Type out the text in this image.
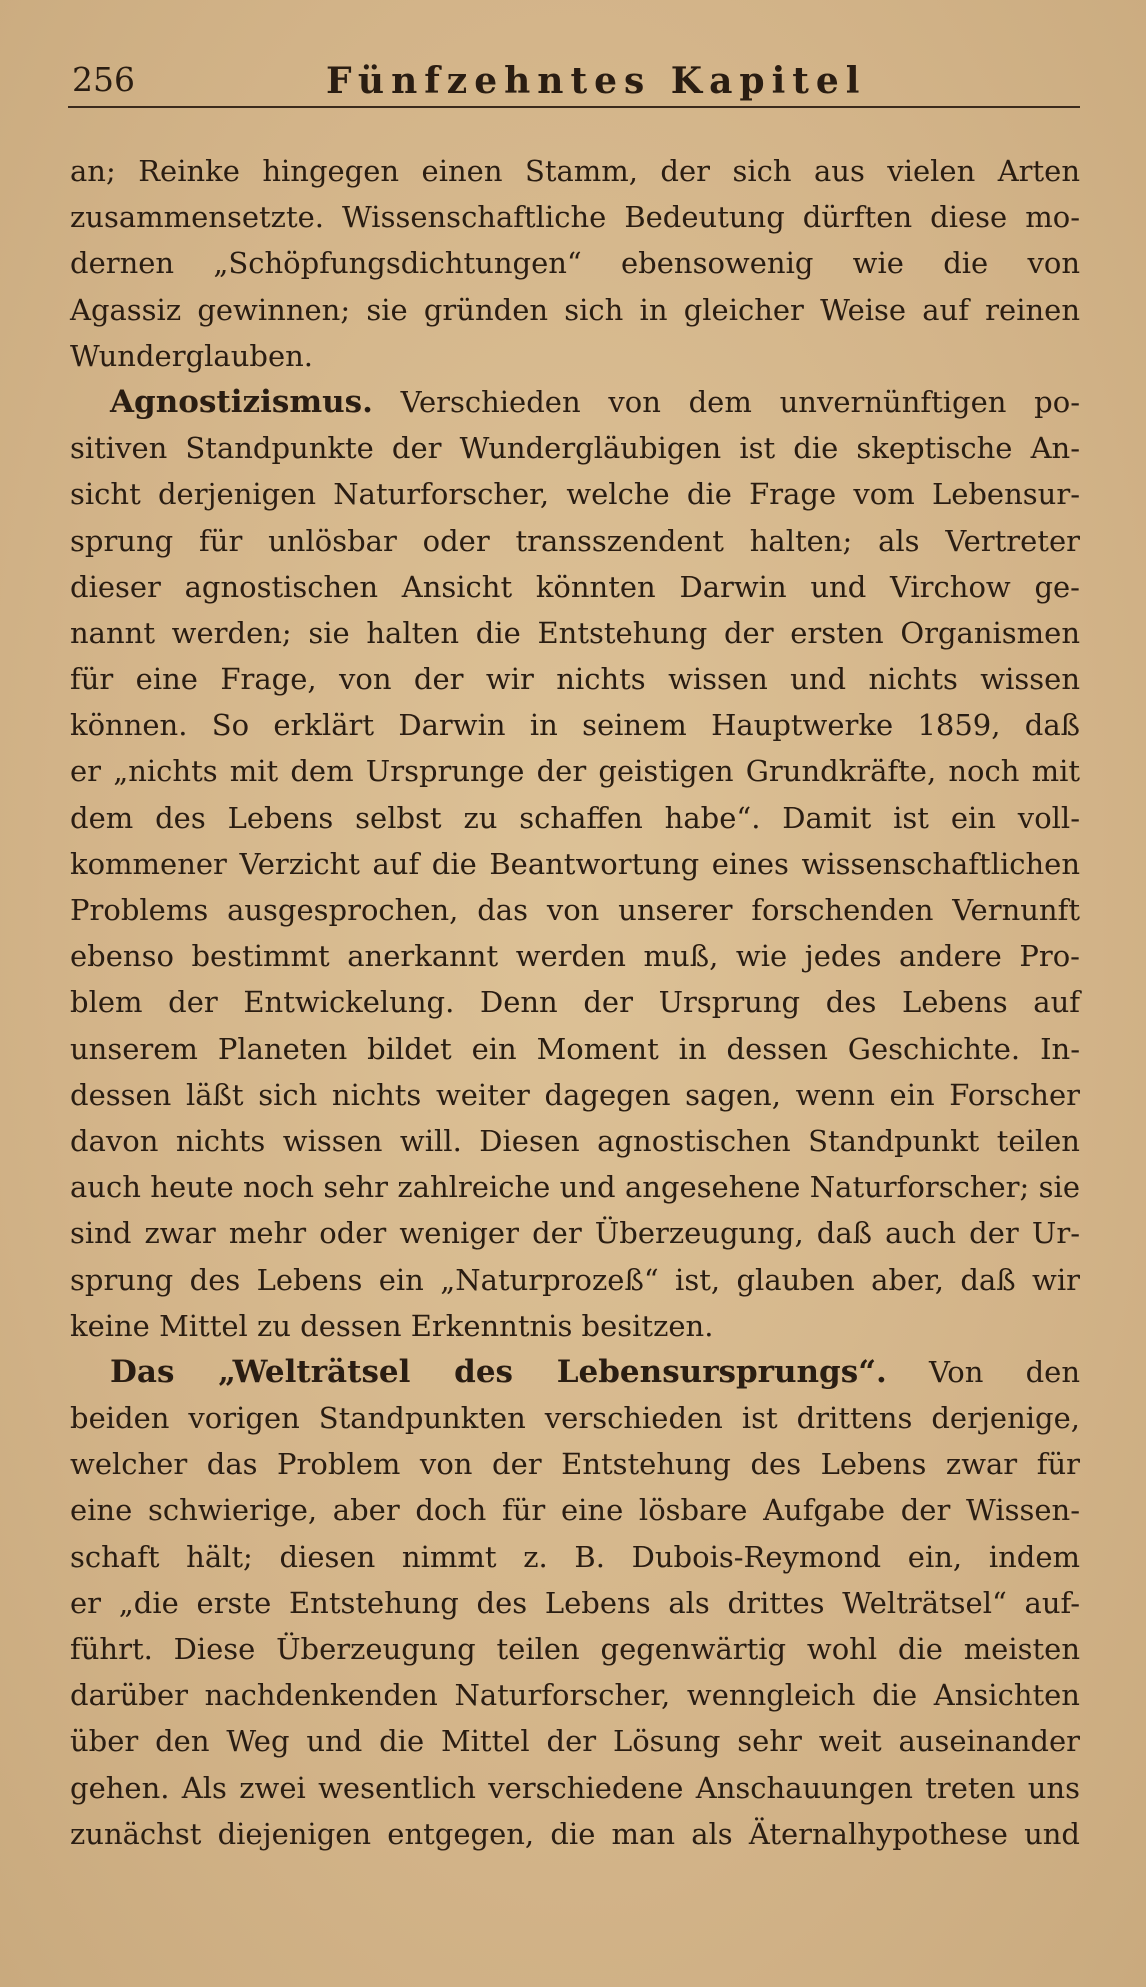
256	Fünfzehntes Kapitel
an; Reinke hingegen einen Stamm, der sich aus vielen Arten
zusammensetzte. Wissenschaftliche Bedeutung dürften diese mo-
dernen „Schöpfungsdichtungen“ ebensowenig wie die von
Agassiz gewinnen; sie gründen sich in gleicher Weise auf reinen
Wunderglauben.
Agnostizismus. Verschieden von dem unvernünftigen po-
sitiven Standpunkte der Wundergläubigen ist die skeptische An-
sicht derjenigen Naturforscher, welche die Frage vom Lebensur-
sprung für unlösbar oder transszendent halten; als Vertreter
dieser agnostischen Ansicht könnten Darwin und Virchow ge-
nannt werden; sie halten die Entstehung der ersten Organismen
für eine Frage, von der wir nichts wissen und nichts wissen
können. So erklärt Darwin in seinem Hauptwerke 1859, daß
er „nichts mit dem Ursprunge der geistigen Grundkräfte, noch mit
dem des Lebens selbst zu schaffen habe“. Damit ist ein voll-
kommener Verzicht auf die Beantwortung eines wissenschaftlichen
Problems ausgesprochen, das von unserer forschenden Vernunft
ebenso bestimmt anerkannt werden muß, wie jedes andere Pro-
blem der Entwickelung. Denn der Ursprung des Lebens auf
unserem Planeten bildet ein Moment in dessen Geschichte. In-
dessen läßt sich nichts weiter dagegen sagen, wenn ein Forscher
davon nichts wissen will. Diesen agnostischen Standpunkt teilen
auch heute noch sehr zahlreiche und angesehene Naturforscher; sie
sind zwar mehr oder weniger der Überzeugung, daß auch der Ur-
sprung des Lebens ein „Naturprozeß“ ist, glauben aber, daß wir
keine Mittel zu dessen Erkenntnis besitzen.
Das „Welträtsel des Lebensursprungs“. Von den
beiden vorigen Standpunkten verschieden ist drittens derjenige,
welcher das Problem von der Entstehung des Lebens zwar für
eine schwierige, aber doch für eine lösbare Aufgabe der Wissen-
schaft hält; diesen nimmt z. B. Dubois-Reymond ein, indem
er „die erste Entstehung des Lebens als drittes Welträtsel“ auf-
führt. Diese Überzeugung teilen gegenwärtig wohl die meisten
darüber nachdenkenden Naturforscher, wenngleich die Ansichten
über den Weg und die Mittel der Lösung sehr weit auseinander
gehen. Als zwei wesentlich verschiedene Anschauungen treten uns
zunächst diejenigen entgegen, die man als Äternalhypothese und
